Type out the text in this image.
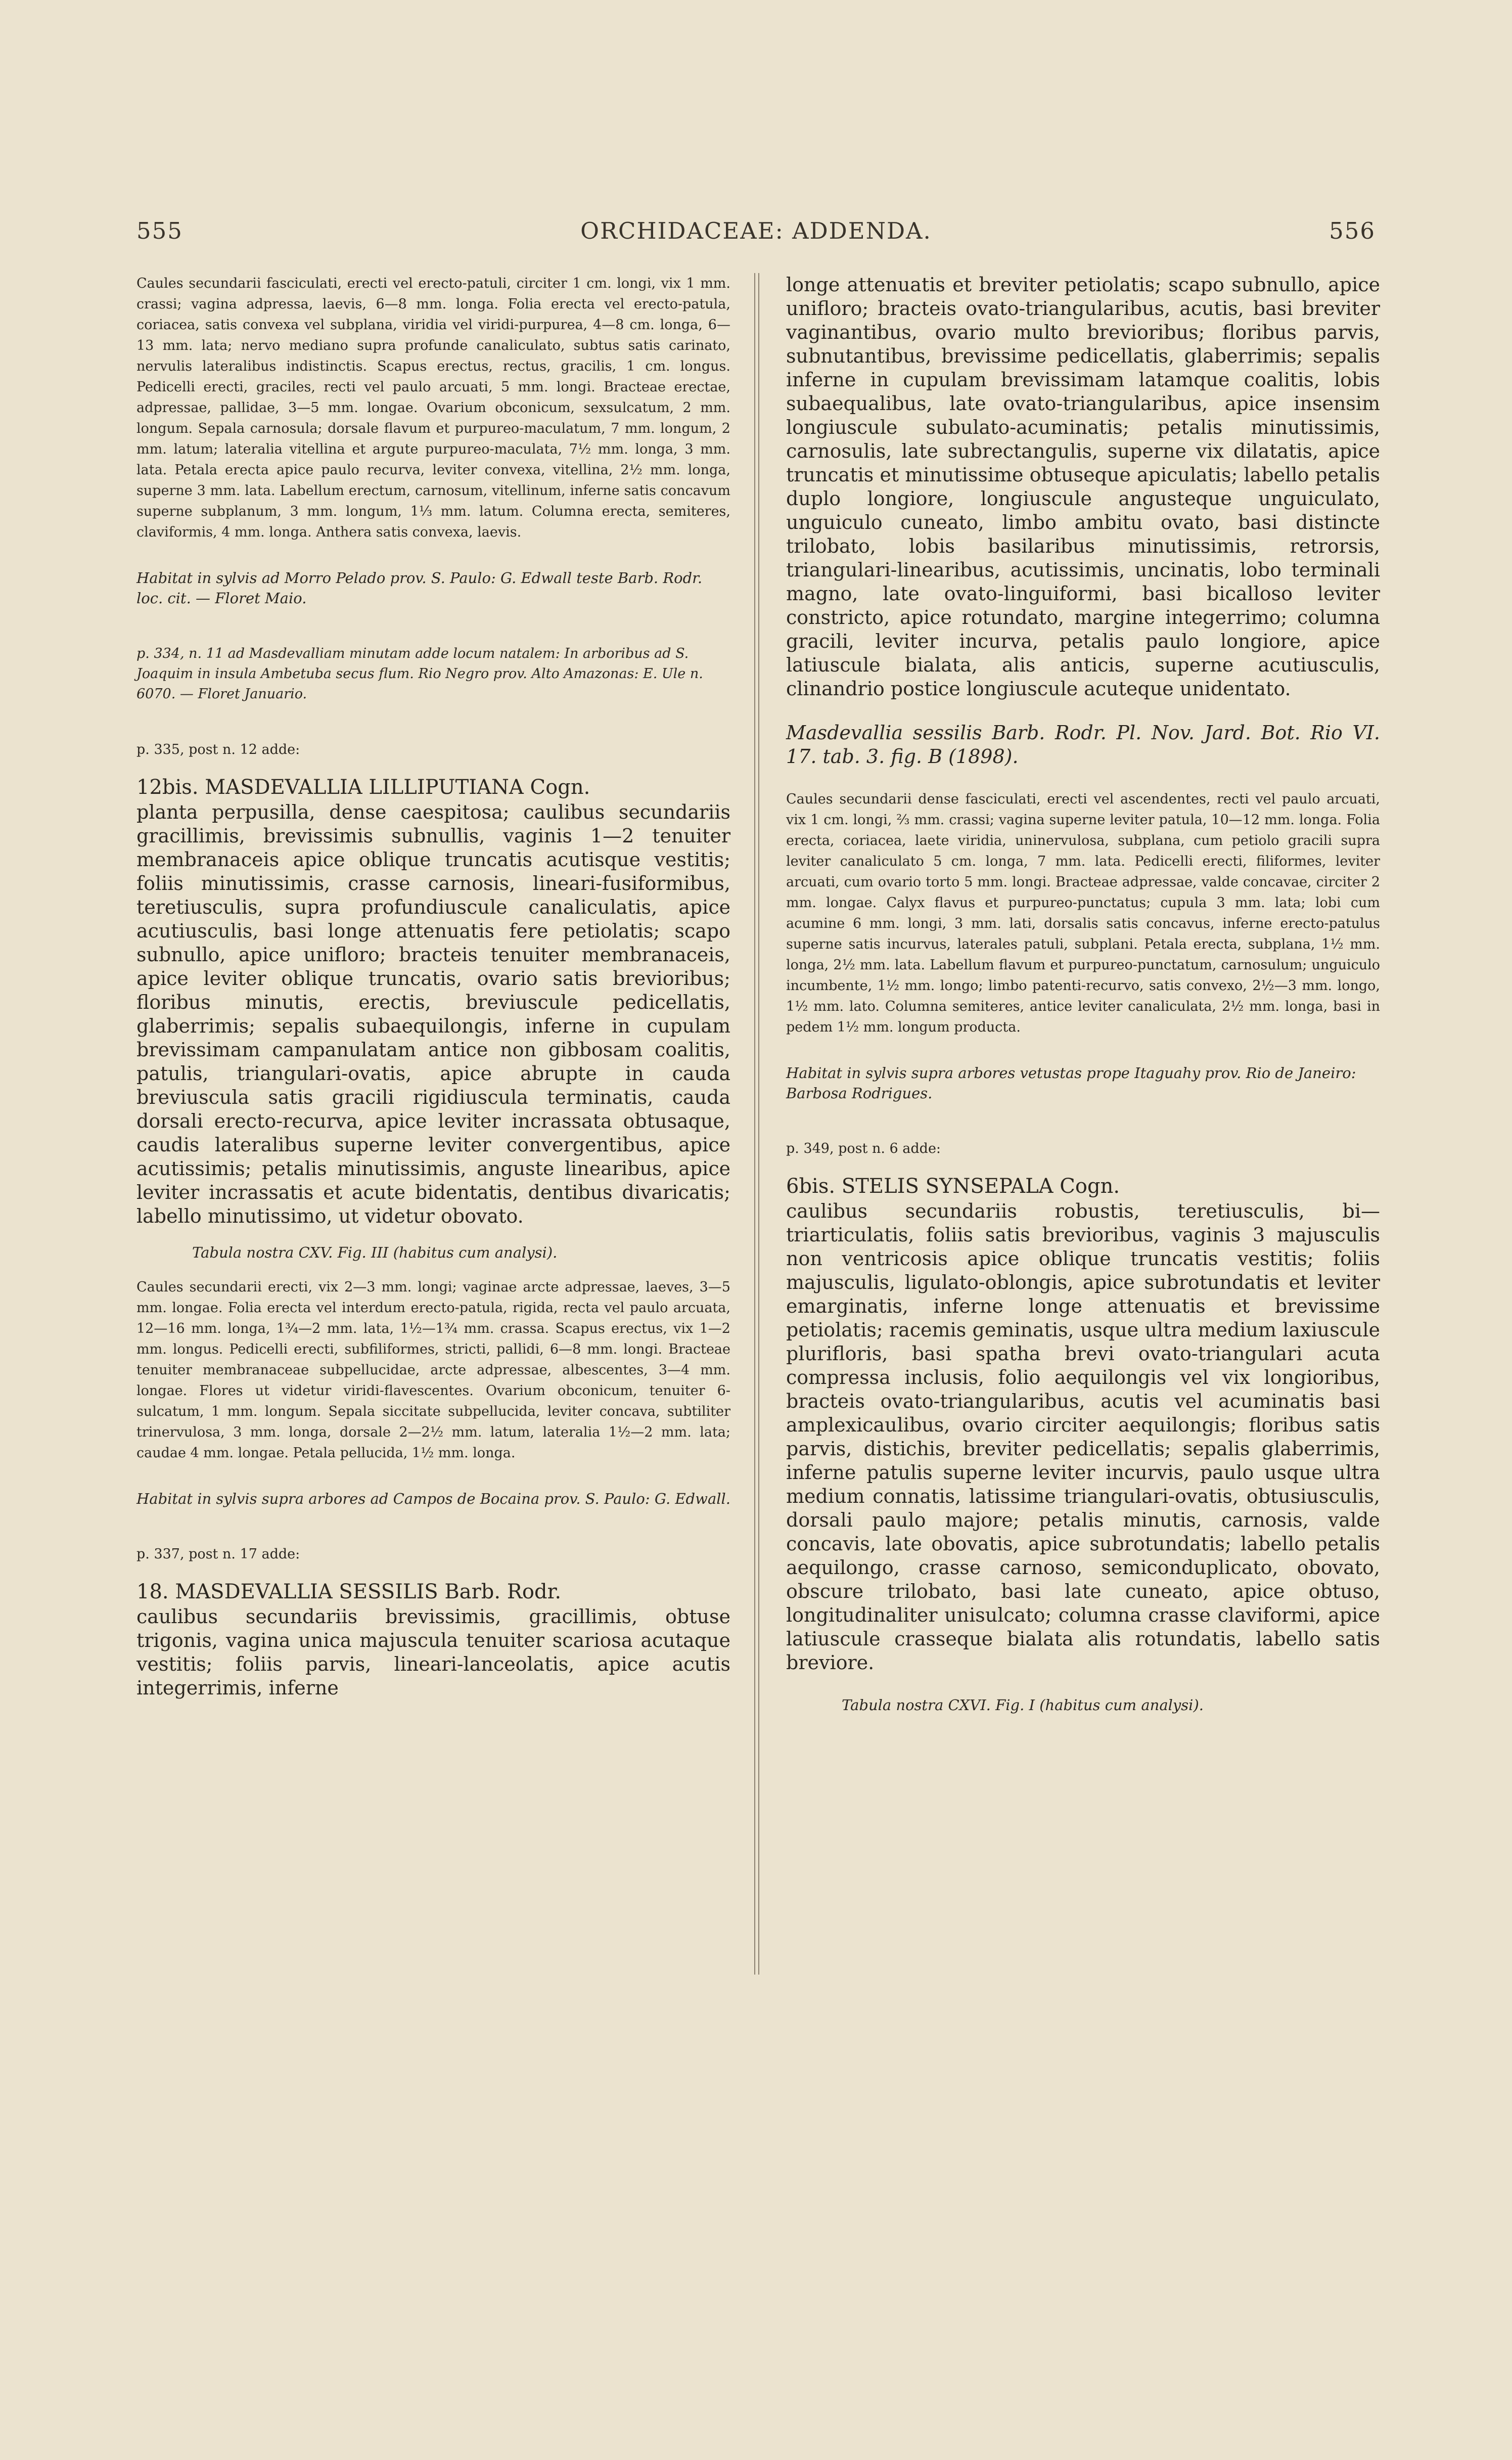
555	ORCHIDACEAE: ADDENDA.	556

Caules secundarii fasciculati, erecti vel erecto-patuli, circiter 1 cm. longi, vix 1 mm. crassi; vagina adpressa, laevis, 6—8 mm. longa. Folia erecta vel erecto-patula, coriacea, satis convexa vel subplana, viridia vel viridi-purpurea, 4—8 cm. longa, 6—13 mm. lata; nervo mediano supra profunde canaliculato, subtus satis carinato, nervulis lateralibus indistinctis. Scapus erectus, rectus, gracilis, 1 cm. longus. Pedicelli erecti, graciles, recti vel paulo arcuati, 5 mm. longi. Bracteae erectae, adpressae, pallidae, 3—5 mm. longae. Ovarium obconicum, sexsulcatum, 2 mm. longum. Sepala carnosula; dorsale flavum et purpureo-maculatum, 7 mm. longum, 2 mm. latum; lateralia vitellina et argute purpureo-maculata, 7½ mm. longa, 3 mm. lata. Petala erecta apice paulo recurva, leviter convexa, vitellina, 2½ mm. longa, superne 3 mm. lata. Labellum erectum, carnosum, vitellinum, inferne satis concavum superne subplanum, 3 mm. longum, 1⅓ mm. latum. Columna erecta, semiteres, claviformis, 4 mm. longa. Anthera satis convexa, laevis.

Habitat in sylvis ad Morro Pelado prov. S. Paulo: G. Edwall teste Barb. Rodr. loc. cit. — Floret Maio.

p. 334, n. 11 ad Masdevalliam minutam adde locum natalem: In arboribus ad S. Joaquim in insula Ambetuba secus flum. Rio Negro prov. Alto Amazonas: E. Ule n. 6070. — Floret Januario.

p. 335, post n. 12 adde:

12bis. MASDEVALLIA LILLIPUTIANA Cogn.

planta perpusilla, dense caespitosa; caulibus secundariis gracillimis, brevissimis subnullis, vaginis 1—2 tenuiter membranaceis apice oblique truncatis acutisque vestitis; foliis minutissimis, crasse carnosis, lineari-fusiformibus, teretiusculis, supra profundiuscule canaliculatis, apice acutiusculis, basi longe attenuatis fere petiolatis; scapo subnullo, apice unifloro; bracteis tenuiter membranaceis, apice leviter oblique truncatis, ovario satis brevioribus; floribus minutis, erectis, breviuscule pedicellatis, glaberrimis; sepalis subaequilongis, inferne in cupulam brevissimam campanulatam antice non gibbosam coalitis, patulis, triangulari-ovatis, apice abrupte in cauda breviuscula satis gracili rigidiuscula terminatis, cauda dorsali erecto-recurva, apice leviter incrassata obtusaque, caudis lateralibus superne leviter convergentibus, apice acutissimis; petalis minutissimis, anguste linearibus, apice leviter incrassatis et acute bidentatis, dentibus divaricatis; labello minutissimo, ut videtur obovato.

Tabula nostra CXV. Fig. III (habitus cum analysi).

Caules secundarii erecti, vix 2—3 mm. longi; vaginae arcte adpressae, laeves, 3—5 mm. longae. Folia erecta vel interdum erecto-patula, rigida, recta vel paulo arcuata, 12—16 mm. longa, 1¾—2 mm. lata, 1½—1¾ mm. crassa. Scapus erectus, vix 1—2 mm. longus. Pedicelli erecti, subfiliformes, stricti, pallidi, 6—8 mm. longi. Bracteae tenuiter membranaceae subpellucidae, arcte adpressae, albescentes, 3—4 mm. longae. Flores ut videtur viridi-flavescentes. Ovarium obconicum, tenuiter 6-sulcatum, 1 mm. longum. Sepala siccitate subpellucida, leviter concava, subtiliter trinervulosa, 3 mm. longa, dorsale 2—2½ mm. latum, lateralia 1½—2 mm. lata; caudae 4 mm. longae. Petala pellucida, 1½ mm. longa.

Habitat in sylvis supra arbores ad Campos de Bocaina prov. S. Paulo: G. Edwall.

p. 337, post n. 17 adde:

18. MASDEVALLIA SESSILIS Barb. Rodr.

caulibus secundariis brevissimis, gracillimis, obtuse trigonis, vagina unica majuscula tenuiter scariosa acutaque vestitis; foliis parvis, lineari-lanceolatis, apice acutis integerrimis, inferne

longe attenuatis et breviter petiolatis; scapo subnullo, apice unifloro; bracteis ovato-triangularibus, acutis, basi breviter vaginantibus, ovario multo brevioribus; floribus parvis, subnutantibus, brevissime pedicellatis, glaberrimis; sepalis inferne in cupulam brevissimam latamque coalitis, lobis subaequalibus, late ovato-triangularibus, apice insensim longiuscule subulato-acuminatis; petalis minutissimis, carnosulis, late subrectangulis, superne vix dilatatis, apice truncatis et minutissime obtuseque apiculatis; labello petalis duplo longiore, longiuscule angusteque unguiculato, unguiculo cuneato, limbo ambitu ovato, basi distincte trilobato, lobis basilaribus minutissimis, retrorsis, triangulari-linearibus, acutissimis, uncinatis, lobo terminali magno, late ovato-linguiformi, basi bicalloso leviter constricto, apice rotundato, margine integerrimo; columna gracili, leviter incurva, petalis paulo longiore, apice latiuscule bialata, alis anticis, superne acutiusculis, clinandrio postice longiuscule acuteque unidentato.

Masdevallia sessilis Barb. Rodr. Pl. Nov. Jard. Bot. Rio VI. 17. tab. 3. fig. B (1898).

Caules secundarii dense fasciculati, erecti vel ascendentes, recti vel paulo arcuati, vix 1 cm. longi, ⅔ mm. crassi; vagina superne leviter patula, 10—12 mm. longa. Folia erecta, coriacea, laete viridia, uninervulosa, subplana, cum petiolo gracili supra leviter canaliculato 5 cm. longa, 7 mm. lata. Pedicelli erecti, filiformes, leviter arcuati, cum ovario torto 5 mm. longi. Bracteae adpressae, valde concavae, circiter 2 mm. longae. Calyx flavus et purpureo-punctatus; cupula 3 mm. lata; lobi cum acumine 6 mm. longi, 3 mm. lati, dorsalis satis concavus, inferne erecto-patulus superne satis incurvus, laterales patuli, subplani. Petala erecta, subplana, 1½ mm. longa, 2½ mm. lata. Labellum flavum et purpureo-punctatum, carnosulum; unguiculo incumbente, 1½ mm. longo; limbo patenti-recurvo, satis convexo, 2½—3 mm. longo, 1½ mm. lato. Columna semiteres, antice leviter canaliculata, 2½ mm. longa, basi in pedem 1½ mm. longum producta.

Habitat in sylvis supra arbores vetustas prope Itaguahy prov. Rio de Janeiro: Barbosa Rodrigues.

p. 349, post n. 6 adde:

6bis. STELIS SYNSEPALA Cogn.

caulibus secundariis robustis, teretiusculis, bi—triarticulatis, foliis satis brevioribus, vaginis 3 majusculis non ventricosis apice oblique truncatis vestitis; foliis majusculis, ligulato-oblongis, apice subrotundatis et leviter emarginatis, inferne longe attenuatis et brevissime petiolatis; racemis geminatis, usque ultra medium laxiuscule plurifloris, basi spatha brevi ovato-triangulari acuta compressa inclusis, folio aequilongis vel vix longioribus, bracteis ovato-triangularibus, acutis vel acuminatis basi amplexicaulibus, ovario circiter aequilongis; floribus satis parvis, distichis, breviter pedicellatis; sepalis glaberrimis, inferne patulis superne leviter incurvis, paulo usque ultra medium connatis, latissime triangulari-ovatis, obtusiusculis, dorsali paulo majore; petalis minutis, carnosis, valde concavis, late obovatis, apice subrotundatis; labello petalis aequilongo, crasse carnoso, semiconduplicato, obovato, obscure trilobato, basi late cuneato, apice obtuso, longitudinaliter unisulcato; columna crasse claviformi, apice latiuscule crasseque bialata alis rotundatis, labello satis breviore.

Tabula nostra CXVI. Fig. I (habitus cum analysi).
